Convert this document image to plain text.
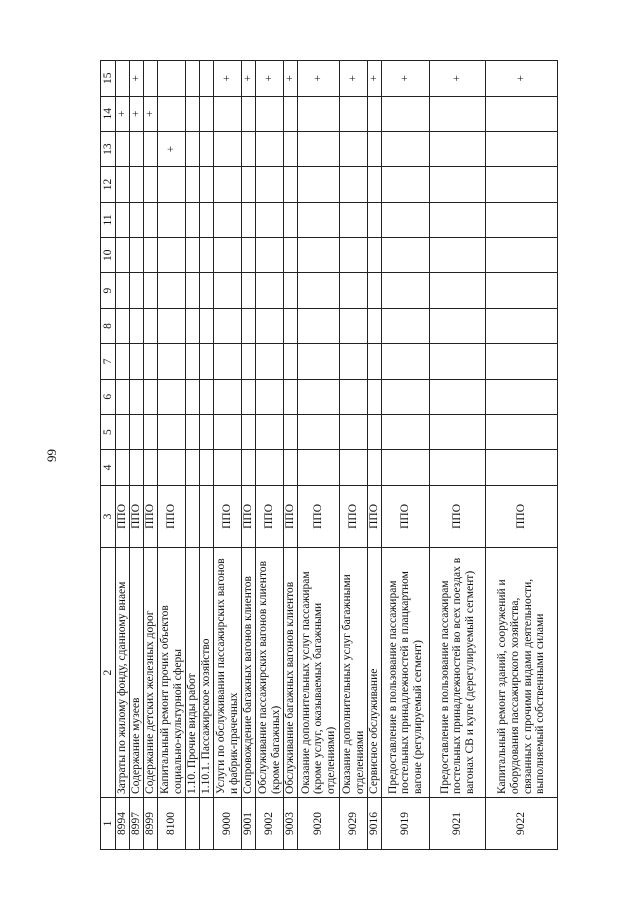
99
1	2	3	4	5	6	7	8	9	10	11	12	13	14	15
8994	Затраты по жилому фонду, сданному внаем	ППО											+	
8997	Содержание музеев	ППО											+	+
8999	Содержание детских железных дорог	ППО											+	
8100	Капитальный ремонт прочих объектов социально-культурной сферы	ППО										+		
	1.10. Прочие виды работ													
	1.10.1. Пассажирское хозяйство													
9000	Услуги по обслуживании пассажирских вагонов и фабрик-прачечных	ППО												+
9001	Сопровождение багажных вагонов клиентов	ППО												+
9002	Обслуживание пассажирских вагонов клиентов (кроме багажных)	ППО												+
9003	Обслуживание багажных вагонов клиентов	ППО												+
9020	Оказание дополнительных услуг пассажирам (кроме услуг, оказываемых багажными отделениями)	ППО												+
9029	Оказание дополнительных услуг багажными отделениями	ППО												+
9016	Сервисное обслуживание	ППО												+
9019	Предоставление в пользование пассажирам постельных принадлежностей в плацкартном вагоне (регулируемый сегмент)	ППО												+
9021	Предоставление в пользование пассажирам постельных принадлежностей во всех поездах в вагонах СВ и купе (дерегулируемый сегмент)	ППО												+
9022	Капитальный ремонт зданий, сооружений и оборудования пассажирского хозяйства, связанных с прочими видами деятельности, выполняемый собственными силами	ППО												+
